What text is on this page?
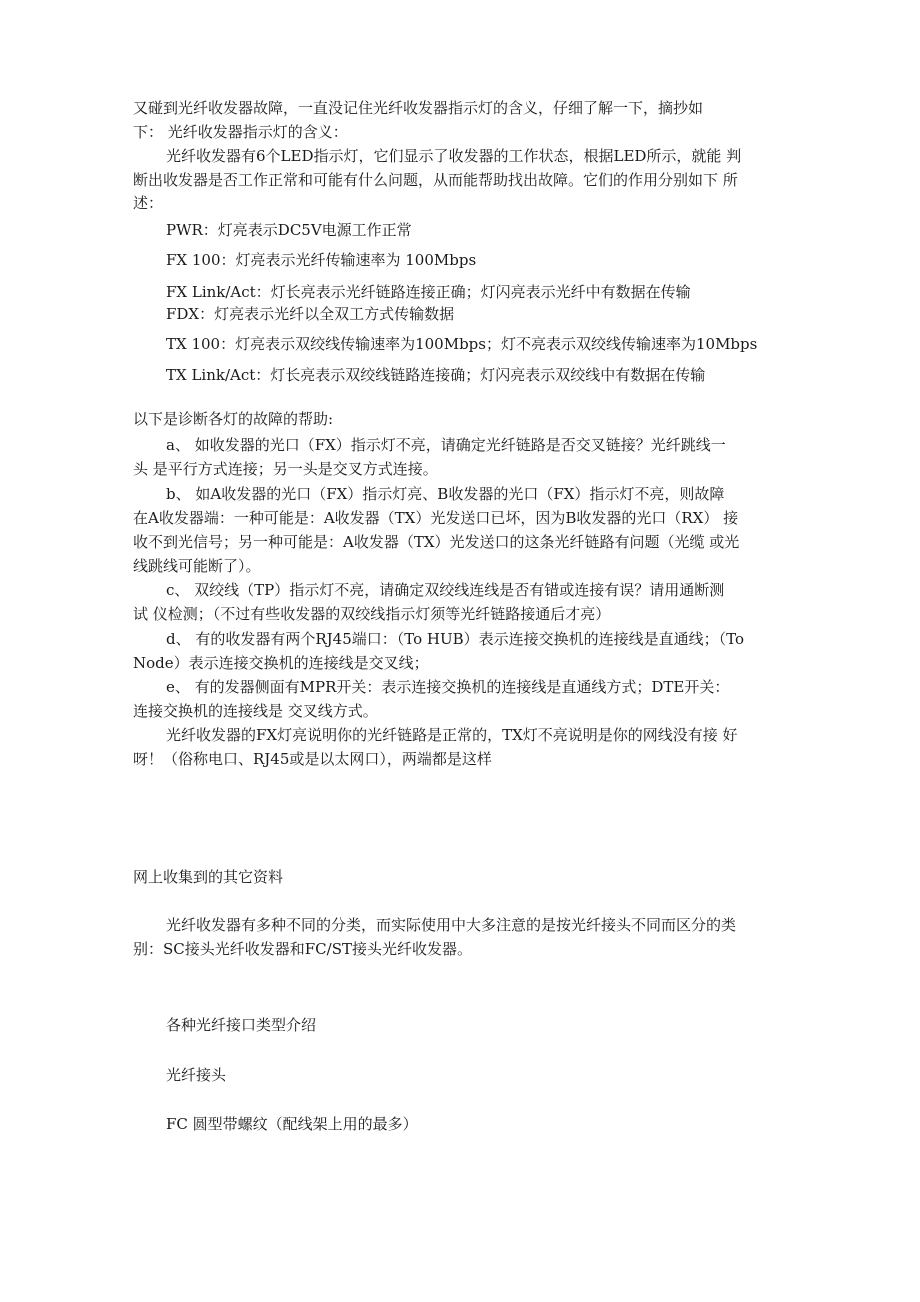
又碰到光纤收发器故障，一直没记住光纤收发器指示灯的含义，仔细了解一下，摘抄如
下： 光纤收发器指示灯的含义：
光纤收发器有6个LED指示灯，它们显示了收发器的工作状态，根据LED所示，就能 判
断出收发器是否工作正常和可能有什么问题，从而能帮助找出故障。它们的作用分别如下 所
述：
PWR：灯亮表示DC5V电源工作正常
FX 100：灯亮表示光纤传输速率为 100Mbps
FX Link/Act：灯长亮表示光纤链路连接正确；灯闪亮表示光纤中有数据在传输
FDX：灯亮表示光纤以全双工方式传输数据
TX 100：灯亮表示双绞线传输速率为100Mbps；灯不亮表示双绞线传输速率为10Mbps
TX Link/Act：灯长亮表示双绞线链路连接确；灯闪亮表示双绞线中有数据在传输
以下是诊断各灯的故障的帮助:
a、 如收发器的光口（FX）指示灯不亮，请确定光纤链路是否交叉链接？光纤跳线一
头 是平行方式连接；另一头是交叉方式连接。
b、 如A收发器的光口（FX）指示灯亮、B收发器的光口（FX）指示灯不亮，则故障
在A收发器端：一种可能是：A收发器（TX）光发送口已坏，因为B收发器的光口（RX） 接
收不到光信号；另一种可能是：A收发器（TX）光发送口的这条光纤链路有问题（光缆 或光
线跳线可能断了）。
c、 双绞线（TP）指示灯不亮，请确定双绞线连线是否有错或连接有误？请用通断测
试 仪检测；（不过有些收发器的双绞线指示灯须等光纤链路接通后才亮）
d、 有的收发器有两个RJ45端口：（To HUB）表示连接交换机的连接线是直通线；（To
Node）表示连接交换机的连接线是交叉线；
e、 有的发器侧面有MPR开关：表示连接交换机的连接线是直通线方式；DTE开关：
连接交换机的连接线是 交叉线方式。
光纤收发器的FX灯亮说明你的光纤链路是正常的，TX灯不亮说明是你的网线没有接 好
呀！（俗称电口、RJ45或是以太网口），两端都是这样
网上收集到的其它资料
光纤收发器有多种不同的分类，而实际使用中大多注意的是按光纤接头不同而区分的类
别：SC接头光纤收发器和FC/ST接头光纤收发器。
各种光纤接口类型介绍
光纤接头
FC 圆型带螺纹（配线架上用的最多）
